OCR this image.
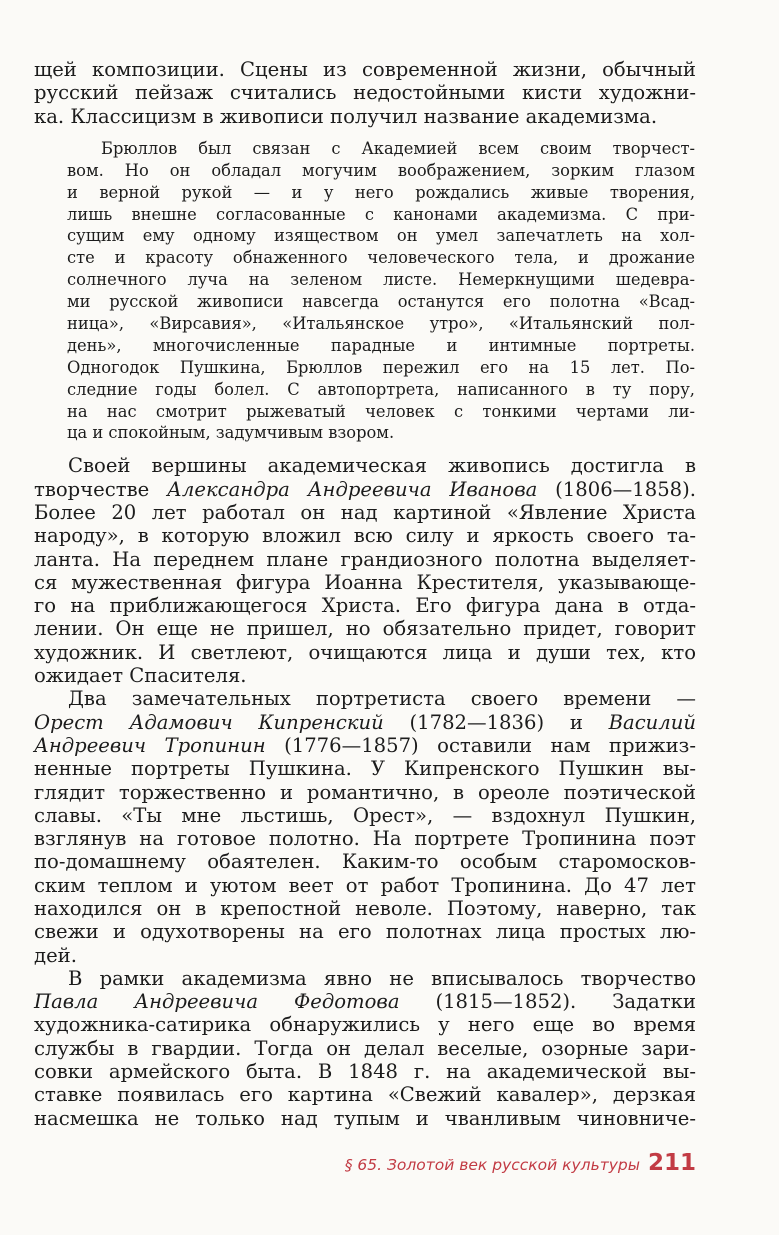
щей композиции. Сцены из современной жизни, обычный
русский пейзаж считались недостойными кисти художни-
ка. Классицизм в живописи получил название академизма.
Брюллов был связан с Академией всем своим творчест-
вом. Но он обладал могучим воображением, зорким глазом
и верной рукой — и у него рождались живые творения,
лишь внешне согласованные с канонами академизма. С при-
сущим ему одному изяществом он умел запечатлеть на хол-
сте и красоту обнаженного человеческого тела, и дрожание
солнечного луча на зеленом листе. Немеркнущими шедевра-
ми русской живописи навсегда останутся его полотна «Всад-
ница», «Вирсавия», «Итальянское утро», «Итальянский пол-
день», многочисленные парадные и интимные портреты.
Одногодок Пушкина, Брюллов пережил его на 15 лет. По-
следние годы болел. С автопортрета, написанного в ту пору,
на нас смотрит рыжеватый человек с тонкими чертами ли-
ца и спокойным, задумчивым взором.
Своей вершины академическая живопись достигла в
творчестве Александра Андреевича Иванова (1806—1858).
Более 20 лет работал он над картиной «Явление Христа
народу», в которую вложил всю силу и яркость своего та-
ланта. На переднем плане грандиозного полотна выделяет-
ся мужественная фигура Иоанна Крестителя, указывающе-
го на приближающегося Христа. Его фигура дана в отда-
лении. Он еще не пришел, но обязательно придет, говорит
художник. И светлеют, очищаются лица и души тех, кто
ожидает Спасителя.
Два замечательных портретиста своего времени —
Орест Адамович Кипренский (1782—1836) и Василий
Андреевич Тропинин (1776—1857) оставили нам прижиз-
ненные портреты Пушкина. У Кипренского Пушкин вы-
глядит торжественно и романтично, в ореоле поэтической
славы. «Ты мне льстишь, Орест», — вздохнул Пушкин,
взглянув на готовое полотно. На портрете Тропинина поэт
по-домашнему обаятелен. Каким-то особым старомосков-
ским теплом и уютом веет от работ Тропинина. До 47 лет
находился он в крепостной неволе. Поэтому, наверно, так
свежи и одухотворены на его полотнах лица простых лю-
дей.
В рамки академизма явно не вписывалось творчество
Павла Андреевича Федотова (1815—1852). Задатки
художника-сатирика обнаружились у него еще во время
службы в гвардии. Тогда он делал веселые, озорные зари-
совки армейского быта. В 1848 г. на академической вы-
ставке появилась его картина «Свежий кавалер», дерзкая
насмешка не только над тупым и чванливым чиновниче-
§ 65. Золотой век русской культуры 211
